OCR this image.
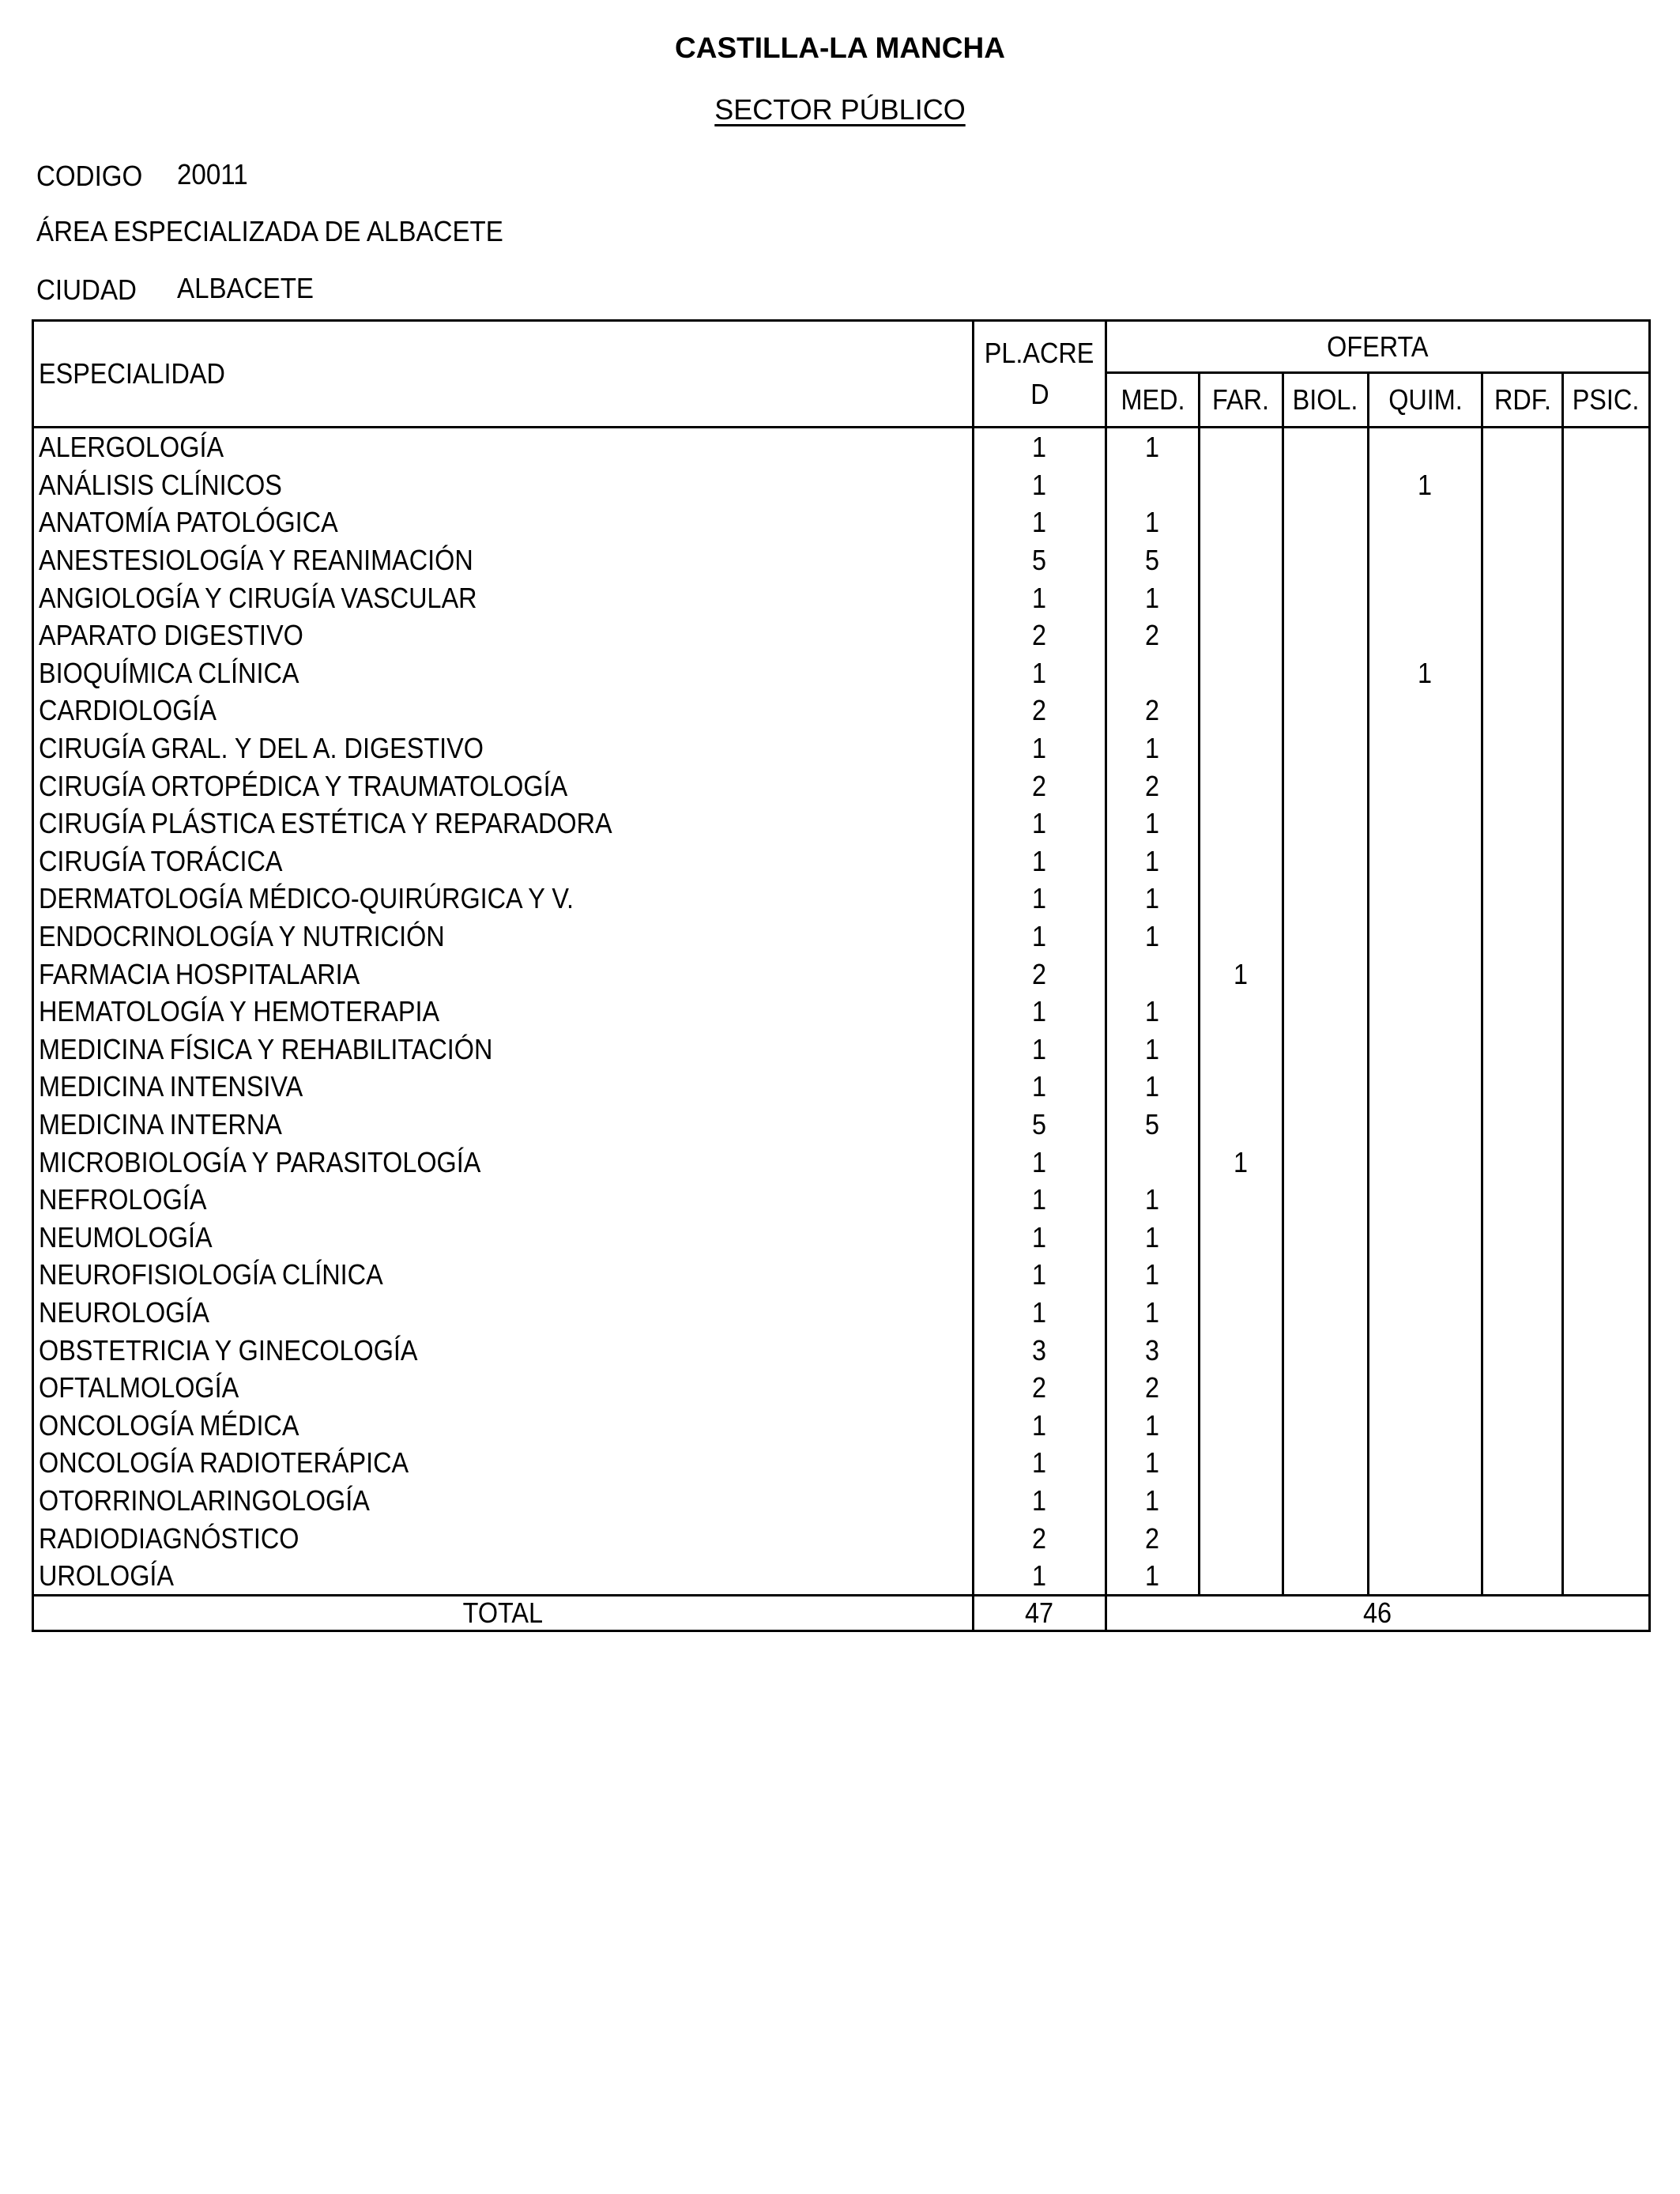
CASTILLA-LA MANCHA
SECTOR PÚBLICO
CODIGO 20011
ÁREA ESPECIALIZADA DE ALBACETE
CIUDAD ALBACETE
ESPECIALIDAD	PL.ACRE
D	OFERTA					
		MED.	FAR.	BIOL.	QUIM.	RDF.	PSIC.
ALERGOLOGÍA	1	1					
ANÁLISIS CLÍNICOS	1				1		
ANATOMÍA PATOLÓGICA	1	1					
ANESTESIOLOGÍA Y REANIMACIÓN	5	5					
ANGIOLOGÍA Y CIRUGÍA VASCULAR	1	1					
APARATO DIGESTIVO	2	2					
BIOQUÍMICA CLÍNICA	1				1		
CARDIOLOGÍA	2	2					
CIRUGÍA GRAL. Y DEL A. DIGESTIVO	1	1					
CIRUGÍA ORTOPÉDICA Y TRAUMATOLOGÍA	2	2					
CIRUGÍA PLÁSTICA ESTÉTICA Y REPARADORA	1	1					
CIRUGÍA TORÁCICA	1	1					
DERMATOLOGÍA MÉDICO-QUIRÚRGICA Y V.	1	1					
ENDOCRINOLOGÍA Y NUTRICIÓN	1	1					
FARMACIA HOSPITALARIA	2		1				
HEMATOLOGÍA Y HEMOTERAPIA	1	1					
MEDICINA FÍSICA Y REHABILITACIÓN	1	1					
MEDICINA INTENSIVA	1	1					
MEDICINA INTERNA	5	5					
MICROBIOLOGÍA Y PARASITOLOGÍA	1		1				
NEFROLOGÍA	1	1					
NEUMOLOGÍA	1	1					
NEUROFISIOLOGÍA CLÍNICA	1	1					
NEUROLOGÍA	1	1					
OBSTETRICIA Y GINECOLOGÍA	3	3					
OFTALMOLOGÍA	2	2					
ONCOLOGÍA MÉDICA	1	1					
ONCOLOGÍA RADIOTERÁPICA	1	1					
OTORRINOLARINGOLOGÍA	1	1					
RADIODIAGNÓSTICO	2	2					
UROLOGÍA	1	1					
TOTAL	47	46					
